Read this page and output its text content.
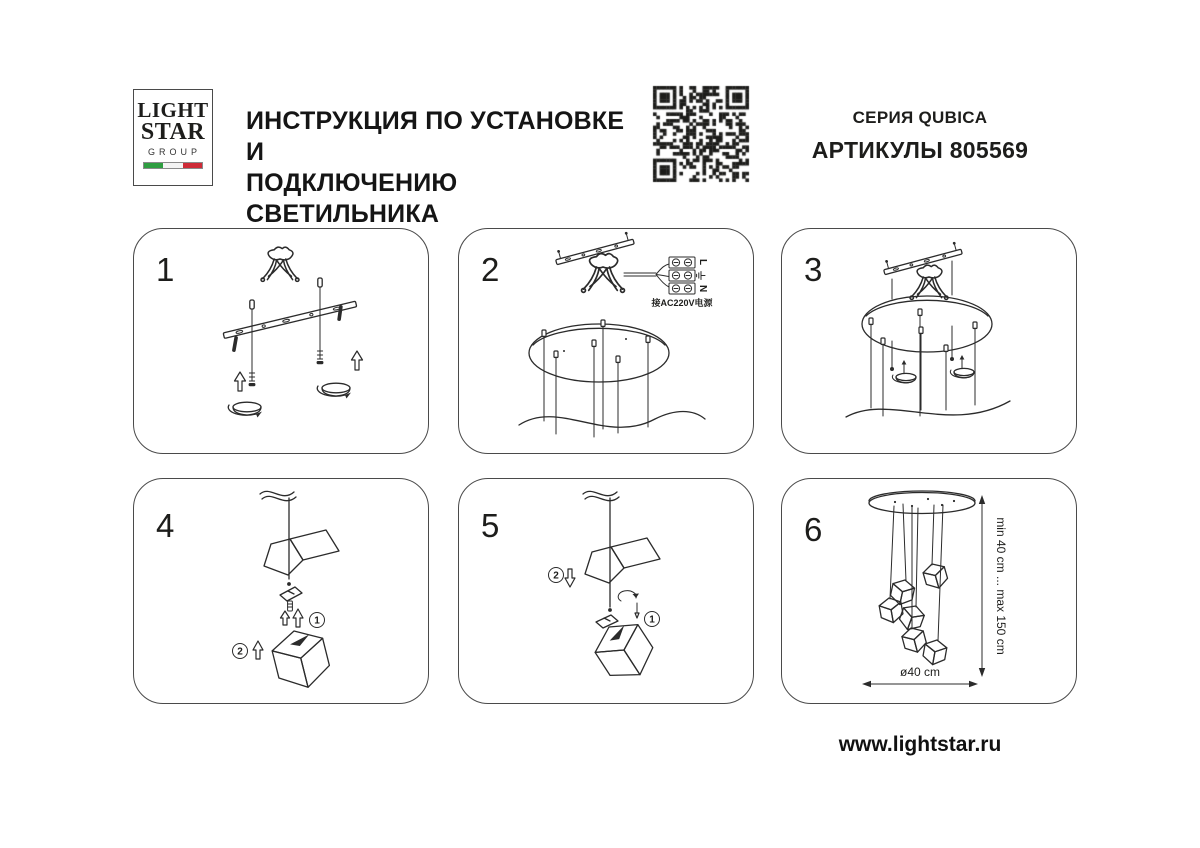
LIGHT
STAR
GROUP
ИНСТРУКЦИЯ ПО УСТАНОВКЕ И
ПОДКЛЮЧЕНИЮ СВЕТИЛЬНИКА
СЕРИЯ QUBICA
АРТИКУЛЫ 805569
1	2	L
N
接AC220V电源
3
4
1
2
5
2
1
6	min 40 cm ... max 150 cm
ø40 cm
www.lightstar.ru
